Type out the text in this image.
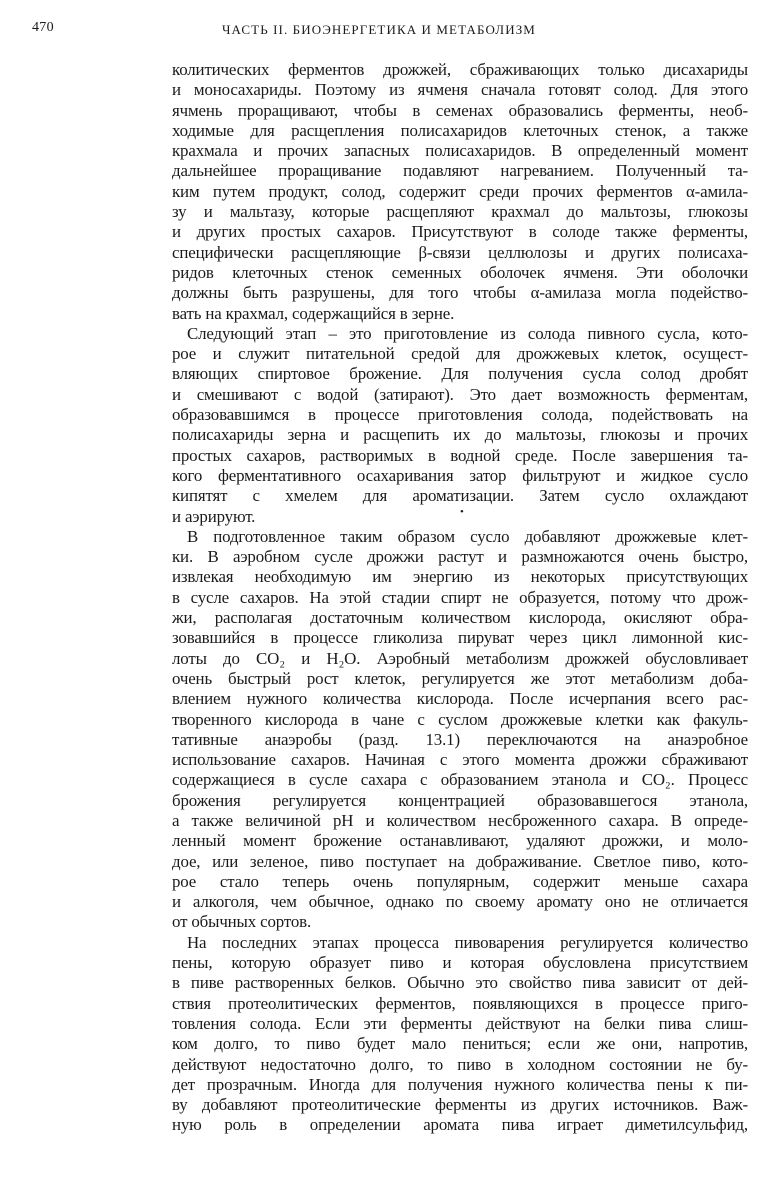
470	ЧАСТЬ II. БИОЭНЕРГЕТИКА И МЕТАБОЛИЗМ
колитических ферментов дрожжей, сбраживающих только дисахариды
и моносахариды. Поэтому из ячменя сначала готовят солод. Для этого
ячмень проращивают, чтобы в семенах образовались ферменты, необ-
ходимые для расщепления полисахаридов клеточных стенок, а также
крахмала и прочих запасных полисахаридов. В определенный момент
дальнейшее проращивание подавляют нагреванием. Полученный та-
ким путем продукт, солод, содержит среди прочих ферментов α-амила-
зу и мальтазу, которые расщепляют крахмал до мальтозы, глюкозы
и других простых сахаров. Присутствуют в солоде также ферменты,
специфически расщепляющие β-связи целлюлозы и других полисаха-
ридов клеточных стенок семенных оболочек ячменя. Эти оболочки
должны быть разрушены, для того чтобы α-амилаза могла подейство-
вать на крахмал, содержащийся в зерне.
Следующий этап – это приготовление из солода пивного сусла, кото-
рое и служит питательной средой для дрожжевых клеток, осущест-
вляющих спиртовое брожение. Для получения сусла солод дробят
и смешивают с водой (затирают). Это дает возможность ферментам,
образовавшимся в процессе приготовления солода, подействовать на
полисахариды зерна и расщепить их до мальтозы, глюкозы и прочих
простых сахаров, растворимых в водной среде. После завершения та-
кого ферментативного осахаривания затор фильтруют и жидкое сусло
кипятят с хмелем для ароматизации. Затем сусло охлаждают
и аэрируют.
В подготовленное таким образом сусло добавляют дрожжевые клет-
ки. В аэробном сусле дрожжи растут и размножаются очень быстро,
извлекая необходимую им энергию из некоторых присутствующих
в сусле сахаров. На этой стадии спирт не образуется, потому что дрож-
жи, располагая достаточным количеством кислорода, окисляют обра-
зовавшийся в процессе гликолиза пируват через цикл лимонной кис-
лоты до CO₂ и H₂O. Аэробный метаболизм дрожжей обусловливает
очень быстрый рост клеток, регулируется же этот метаболизм доба-
влением нужного количества кислорода. После исчерпания всего рас-
творенного кислорода в чане с суслом дрожжевые клетки как факуль-
тативные анаэробы (разд. 13.1) переключаются на анаэробное
использование сахаров. Начиная с этого момента дрожжи сбраживают
содержащиеся в сусле сахара с образованием этанола и CO₂. Процесс
брожения регулируется концентрацией образовавшегося этанола,
а также величиной pH и количеством несброженного сахара. В опреде-
ленный момент брожение останавливают, удаляют дрожжи, и моло-
дое, или зеленое, пиво поступает на дображивание. Светлое пиво, кото-
рое стало теперь очень популярным, содержит меньше сахара
и алкоголя, чем обычное, однако по своему аромату оно не отличается
от обычных сортов.
На последних этапах процесса пивоварения регулируется количество
пены, которую образует пиво и которая обусловлена присутствием
в пиве растворенных белков. Обычно это свойство пива зависит от дей-
ствия протеолитических ферментов, появляющихся в процессе приго-
товления солода. Если эти ферменты действуют на белки пива слиш-
ком долго, то пиво будет мало пениться; если же они, напротив,
действуют недостаточно долго, то пиво в холодном состоянии не бу-
дет прозрачным. Иногда для получения нужного количества пены к пи-
ву добавляют протеолитические ферменты из других источников. Важ-
ную роль в определении аромата пива играет диметилсульфид,
•
